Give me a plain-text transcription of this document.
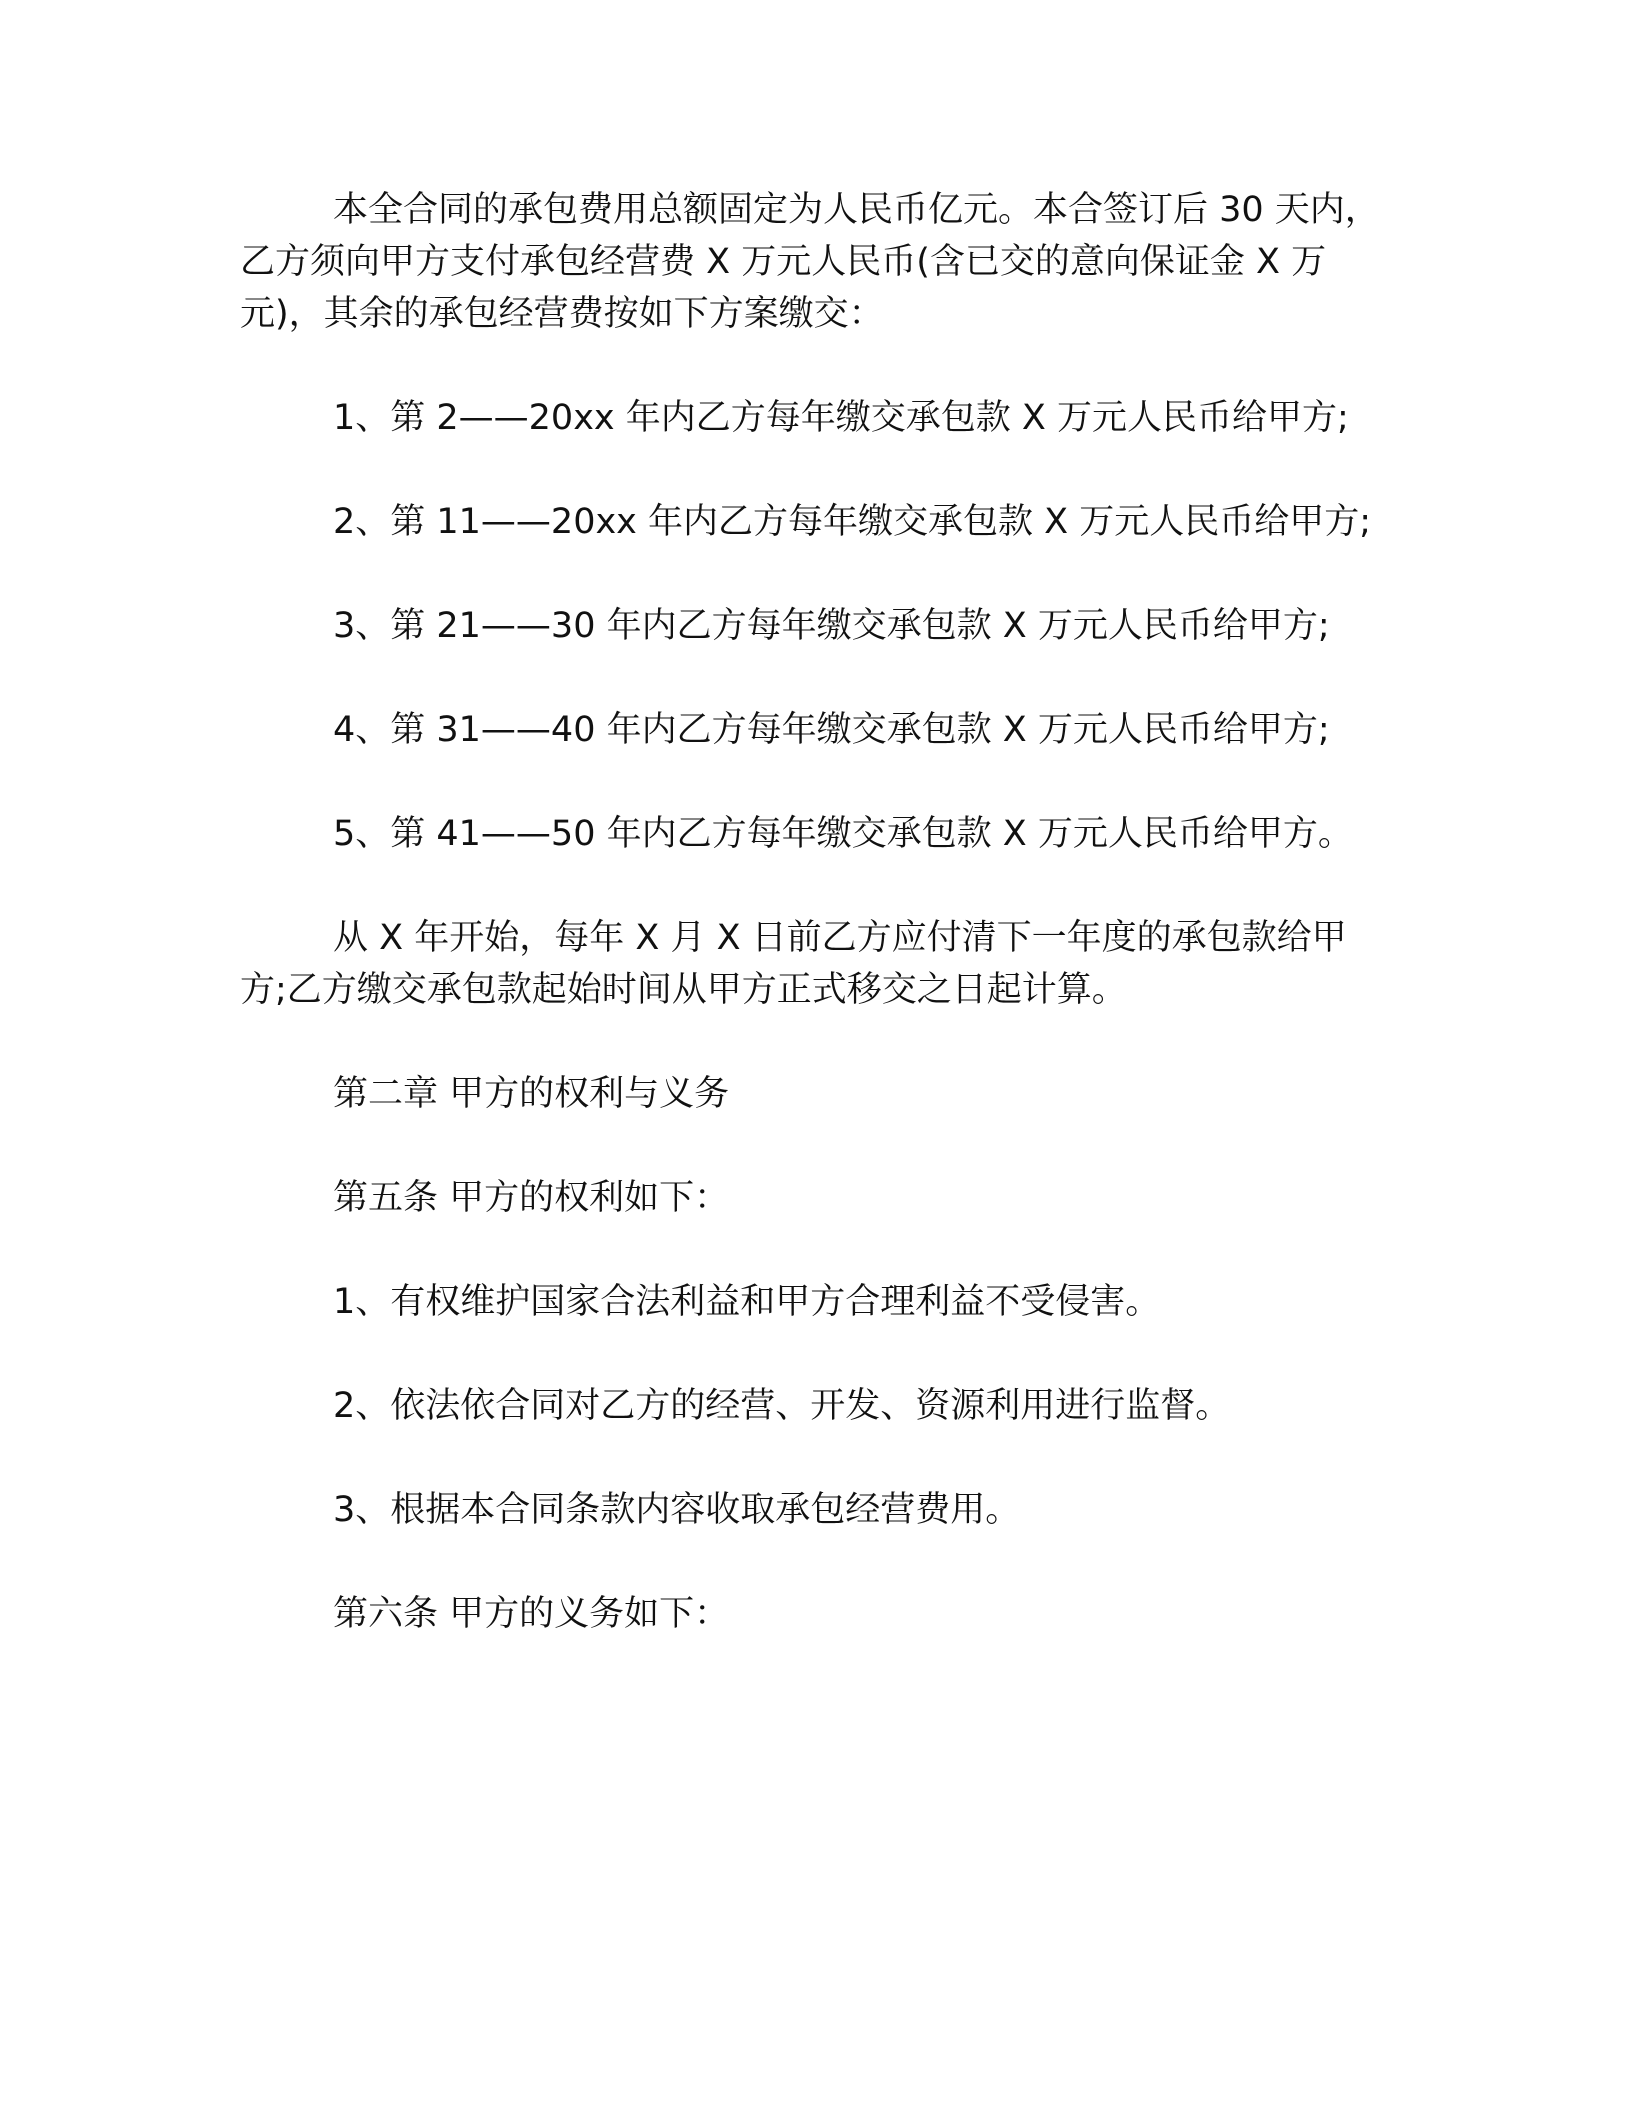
本全合同的承包费用总额固定为人民币亿元。本合签订后 30 天内，乙方须向甲方支付承包经营费 X 万元人民币(含已交的意向保证金 X 万元)，其余的承包经营费按如下方案缴交：

1、第 2——20xx 年内乙方每年缴交承包款 X 万元人民币给甲方;

2、第 11——20xx 年内乙方每年缴交承包款 X 万元人民币给甲方;

3、第 21——30 年内乙方每年缴交承包款 X 万元人民币给甲方;

4、第 31——40 年内乙方每年缴交承包款 X 万元人民币给甲方;

5、第 41——50 年内乙方每年缴交承包款 X 万元人民币给甲方。

从 X 年开始，每年 X 月 X 日前乙方应付清下一年度的承包款给甲方;乙方缴交承包款起始时间从甲方正式移交之日起计算。

第二章 甲方的权利与义务

第五条 甲方的权利如下：

1、有权维护国家合法利益和甲方合理利益不受侵害。

2、依法依合同对乙方的经营、开发、资源利用进行监督。

3、根据本合同条款内容收取承包经营费用。

第六条 甲方的义务如下：
